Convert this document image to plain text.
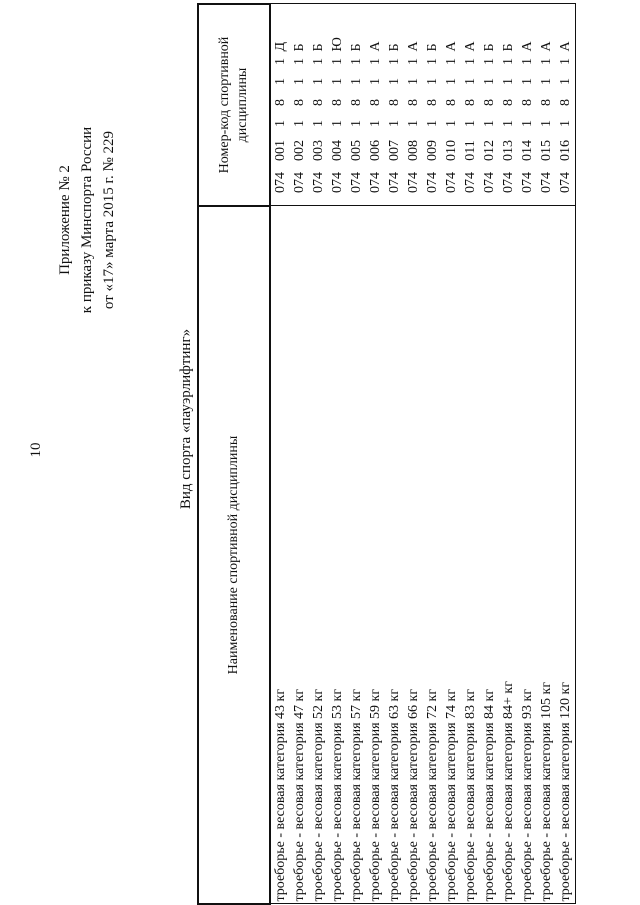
10
Приложение № 2 к приказу Минспорта России от «17» марта 2015 г. № 229
Вид спорта «пауэрлифтинг»
Наименование спортивной дисциплины	Номер-код спортивной дисциплины
троеборье - весовая категория 43 кг	0740011811Д
троеборье - весовая категория 47 кг	0740021811Б
троеборье - весовая категория 52 кг	0740031811Б
троеборье - весовая категория 53 кг	0740041811Ю
троеборье - весовая категория 57 кг	0740051811Б
троеборье - весовая категория 59 кг	0740061811А
троеборье - весовая категория 63 кг	0740071811Б
троеборье - весовая категория 66 кг	0740081811А
троеборье - весовая категория 72 кг	0740091811Б
троеборье - весовая категория 74 кг	0740101811А
троеборье - весовая категория 83 кг	0740111811А
троеборье - весовая категория 84 кг	0740121811Б
троеборье - весовая категория 84+ кг	0740131811Б
троеборье - весовая категория 93 кг	0740141811А
троеборье - весовая категория 105 кг	0740151811А
троеборье - весовая категория 120 кг	0740161811А
